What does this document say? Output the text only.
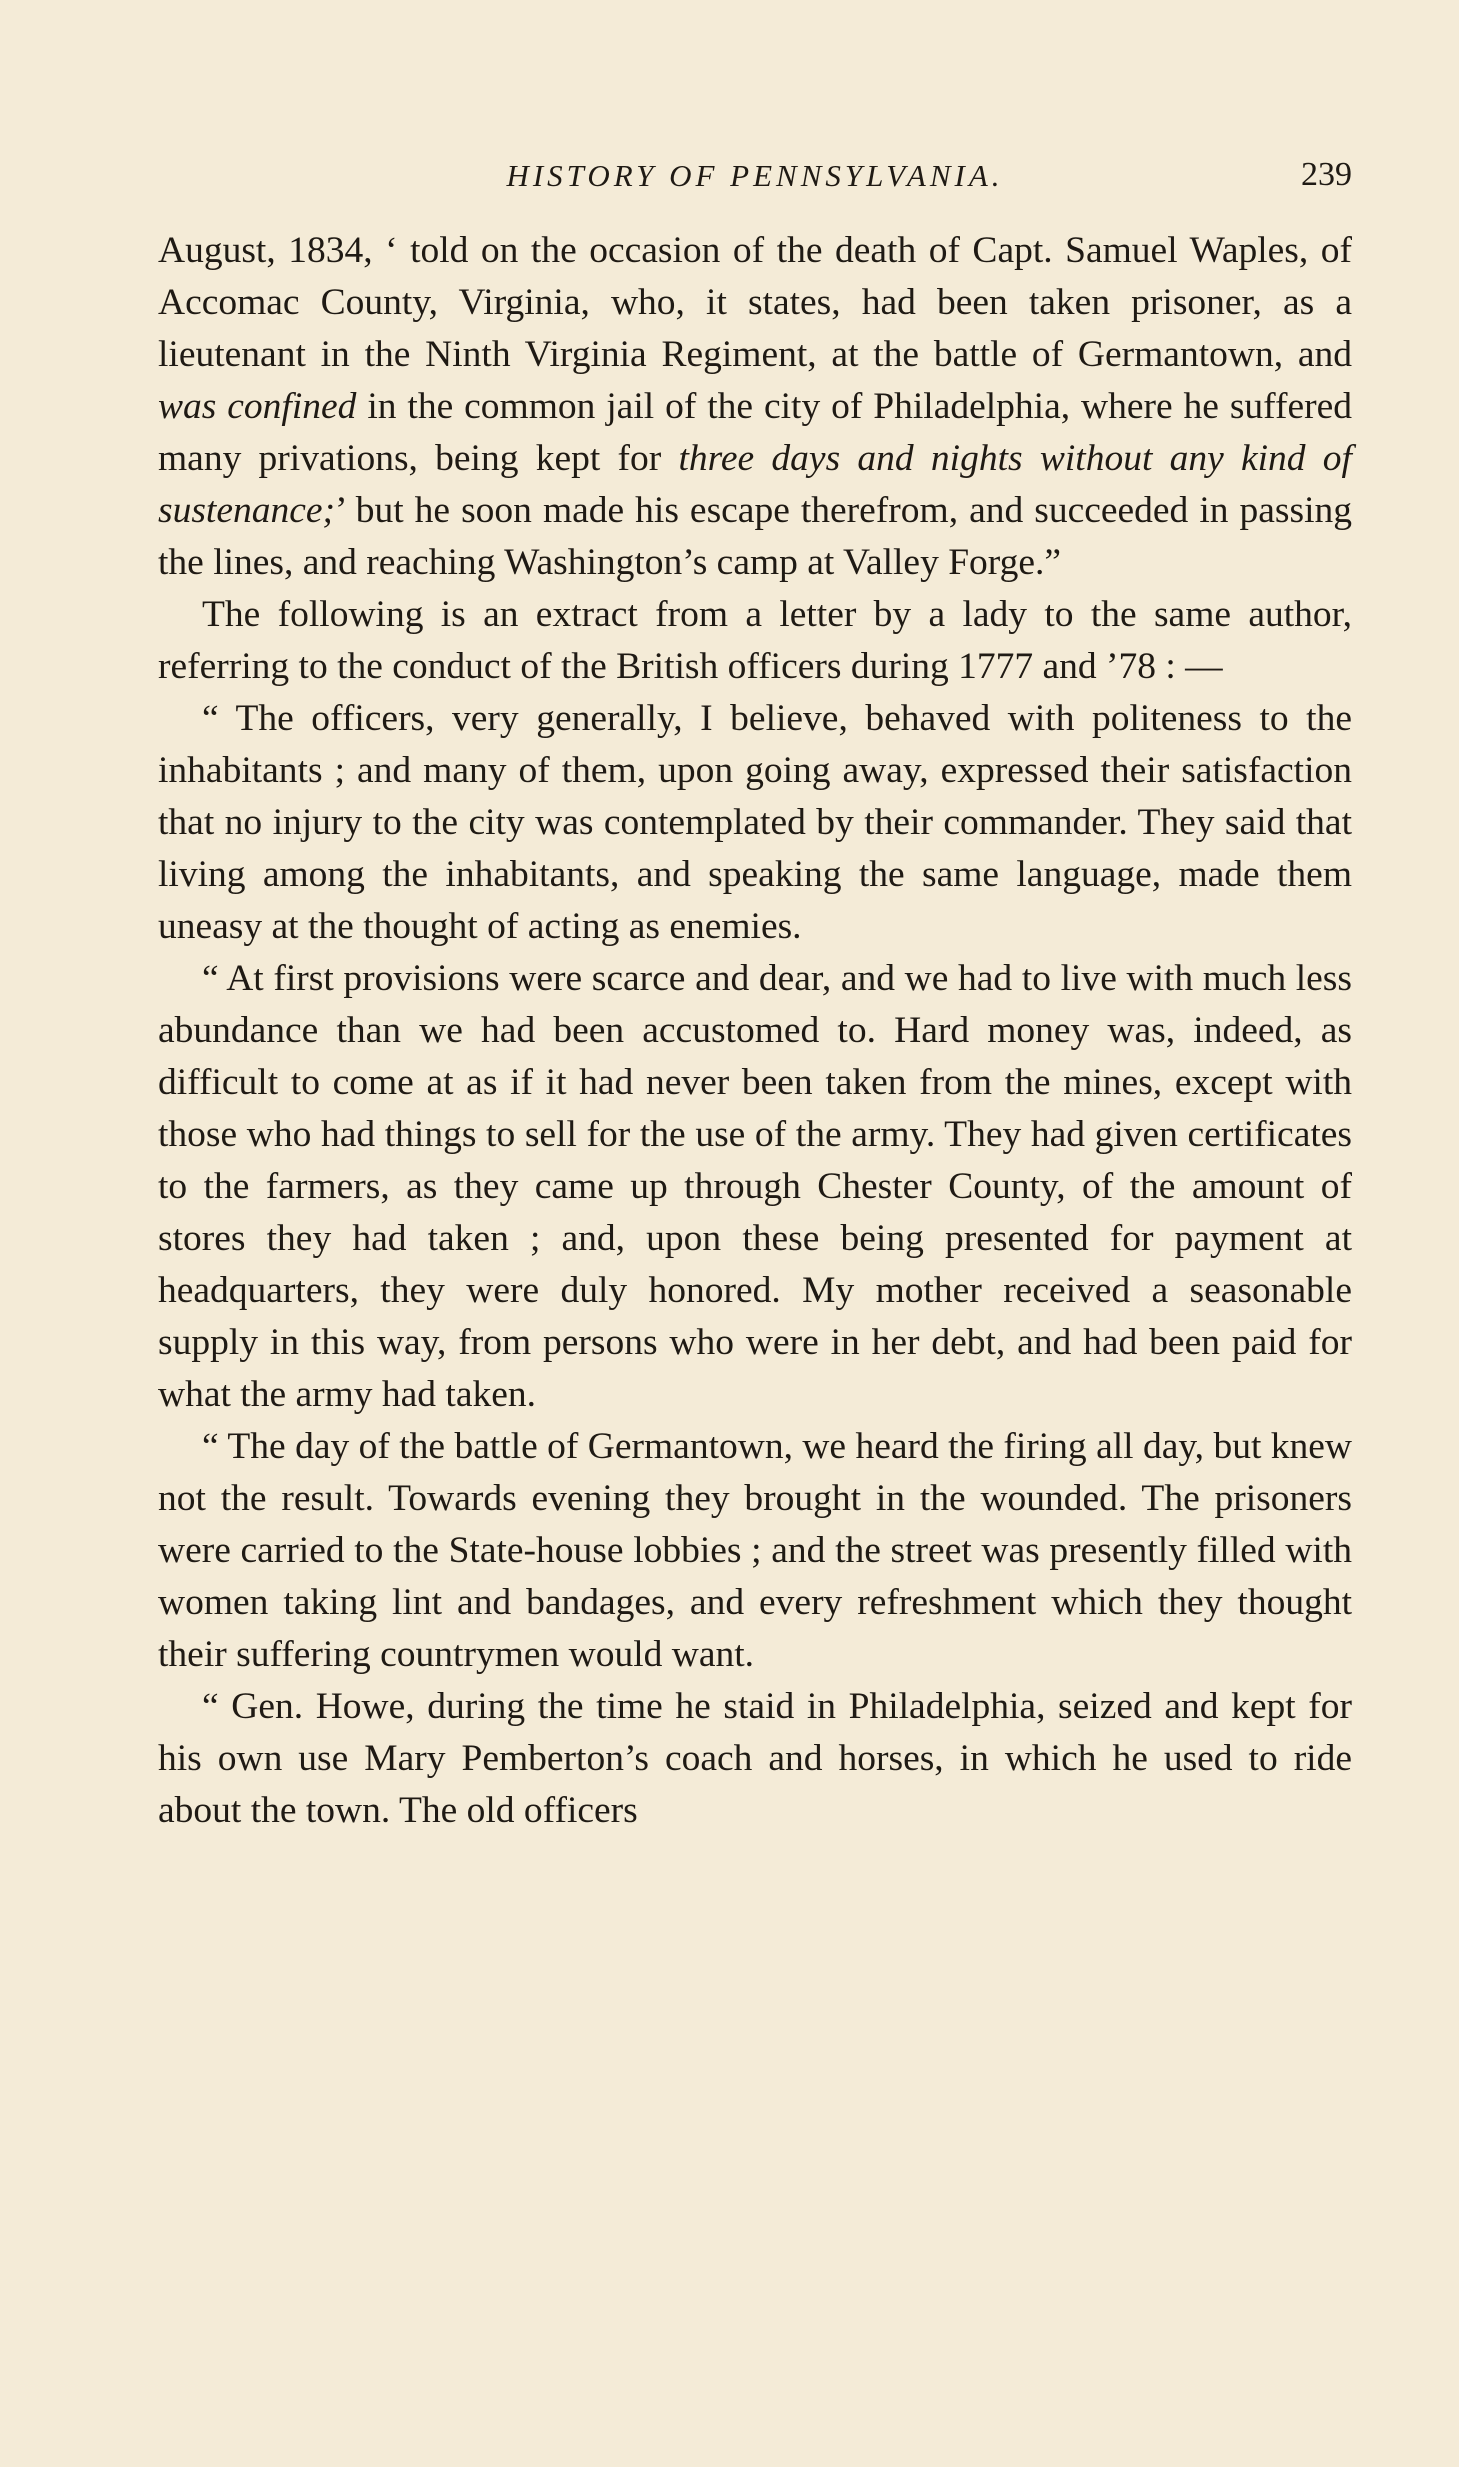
HISTORY OF PENNSYLVANIA.	239

August, 1834, ‘ told on the occasion of the death of Capt. Samuel Waples, of Accomac County, Virginia, who, it states, had been taken prisoner, as a lieutenant in the Ninth Virginia Regiment, at the battle of Germantown, and was confined in the common jail of the city of Philadelphia, where he suffered many privations, being kept for three days and nights without any kind of sustenance;’ but he soon made his escape therefrom, and succeeded in passing the lines, and reaching Washington’s camp at Valley Forge.”

The following is an extract from a letter by a lady to the same author, referring to the conduct of the British officers during 1777 and ’78 : —

“ The officers, very generally, I believe, behaved with politeness to the inhabitants ; and many of them, upon going away, expressed their satisfaction that no injury to the city was contemplated by their commander. They said that living among the inhabitants, and speaking the same language, made them uneasy at the thought of acting as enemies.

“ At first provisions were scarce and dear, and we had to live with much less abundance than we had been accustomed to. Hard money was, indeed, as difficult to come at as if it had never been taken from the mines, except with those who had things to sell for the use of the army. They had given certificates to the farmers, as they came up through Chester County, of the amount of stores they had taken ; and, upon these being presented for payment at headquarters, they were duly honored. My mother received a seasonable supply in this way, from persons who were in her debt, and had been paid for what the army had taken.

“ The day of the battle of Germantown, we heard the firing all day, but knew not the result. Towards evening they brought in the wounded. The prisoners were carried to the State-house lobbies ; and the street was presently filled with women taking lint and bandages, and every refreshment which they thought their suffering countrymen would want.

“ Gen. Howe, during the time he staid in Philadelphia, seized and kept for his own use Mary Pemberton’s coach and horses, in which he used to ride about the town. The old officers
